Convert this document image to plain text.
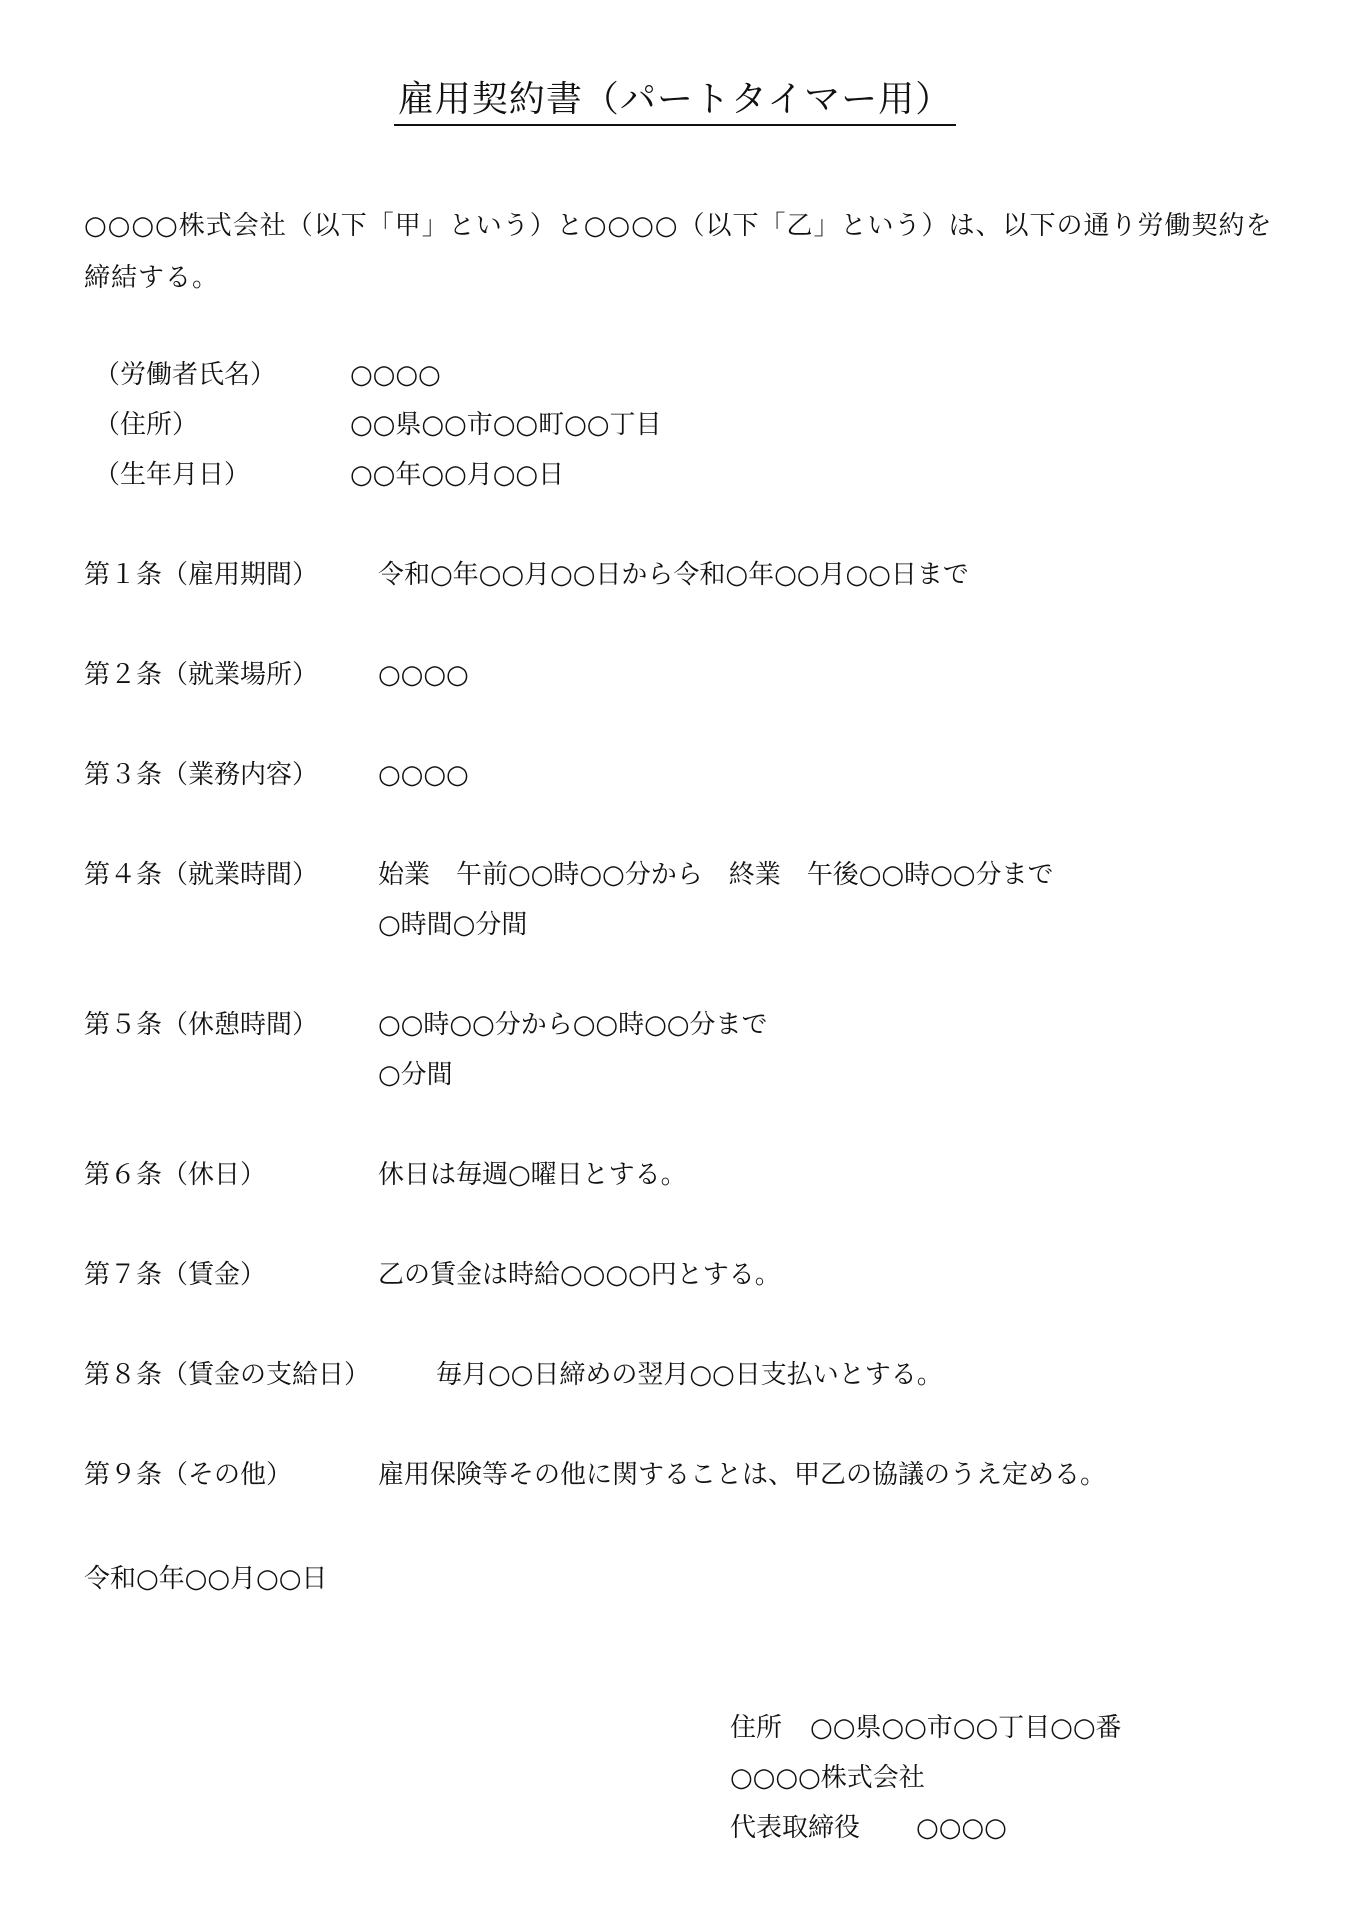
雇用契約書（パートタイマー用）
○○○○株式会社（以下「甲」という）と○○○○（以下「乙」という）は、以下の通り労働契約を締結する。
（労働者氏名）	○○○○
（住所）	○○県○○市○○町○○丁目
（生年月日）	○○年○○月○○日
第１条（雇用期間） 令和○年○○月○○日から令和○年○○月○○日まで
第２条（就業場所） ○○○○
第３条（業務内容） ○○○○
第４条（就業時間） 始業　午前○○時○○分から　終業　午後○○時○○分まで
○時間○分間
第５条（休憩時間） ○○時○○分から○○時○○分まで
○分間
第６条（休日）	休日は毎週○曜日とする。
第７条（賃金）	乙の賃金は時給○○○○円とする。
第８条（賃金の支給日）	毎月○○日締めの翌月○○日支払いとする。
第９条（その他）	雇用保険等その他に関することは、甲乙の協議のうえ定める。
令和○年○○月○○日
住所 ○○県○○市○○丁目○○番
○○○○株式会社
代表取締役 ○○○○
